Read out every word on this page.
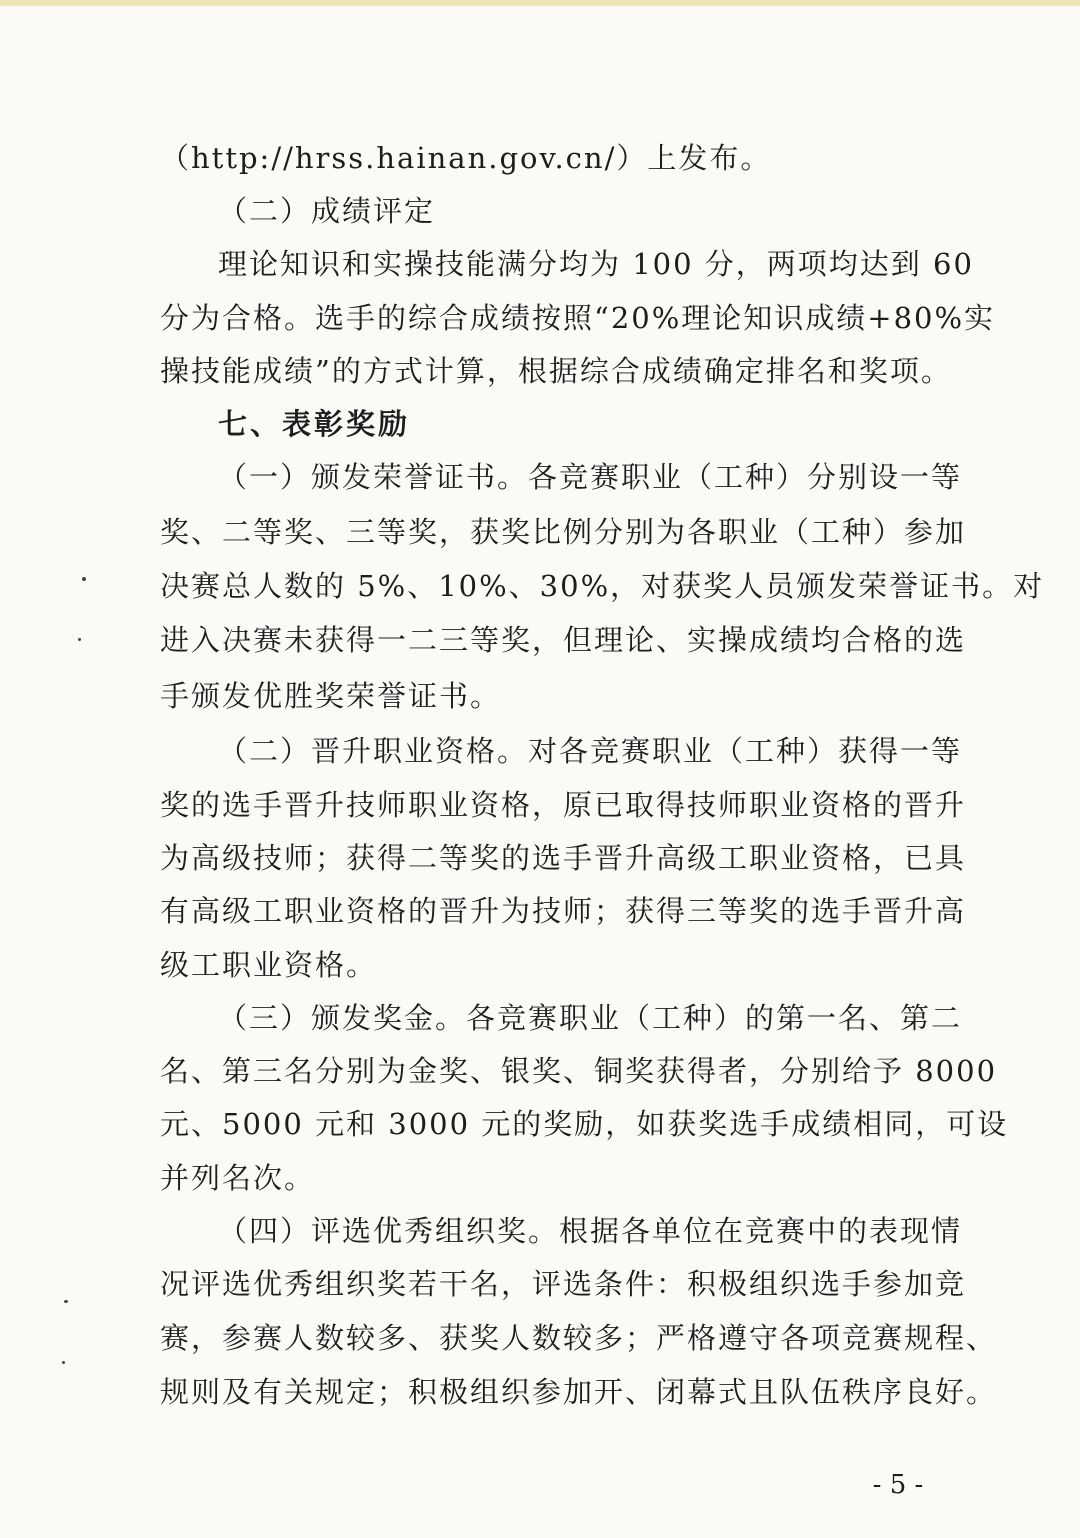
（http://hrss.hainan.gov.cn/）上发布。
（二）成绩评定
理论知识和实操技能满分均为 100 分，两项均达到 60
分为合格。选手的综合成绩按照“20%理论知识成绩+80%实
操技能成绩”的方式计算，根据综合成绩确定排名和奖项。
七、表彰奖励
（一）颁发荣誉证书。各竞赛职业（工种）分别设一等
奖、二等奖、三等奖，获奖比例分别为各职业（工种）参加
决赛总人数的 5%、10%、30%，对获奖人员颁发荣誉证书。对
进入决赛未获得一二三等奖，但理论、实操成绩均合格的选
手颁发优胜奖荣誉证书。
（二）晋升职业资格。对各竞赛职业（工种）获得一等
奖的选手晋升技师职业资格，原已取得技师职业资格的晋升
为高级技师；获得二等奖的选手晋升高级工职业资格，已具
有高级工职业资格的晋升为技师；获得三等奖的选手晋升高
级工职业资格。
（三）颁发奖金。各竞赛职业（工种）的第一名、第二
名、第三名分别为金奖、银奖、铜奖获得者，分别给予 8000
元、5000 元和 3000 元的奖励，如获奖选手成绩相同，可设
并列名次。
（四）评选优秀组织奖。根据各单位在竞赛中的表现情
况评选优秀组织奖若干名，评选条件：积极组织选手参加竞
赛，参赛人数较多、获奖人数较多；严格遵守各项竞赛规程、
规则及有关规定；积极组织参加开、闭幕式且队伍秩序良好。
- 5 -
